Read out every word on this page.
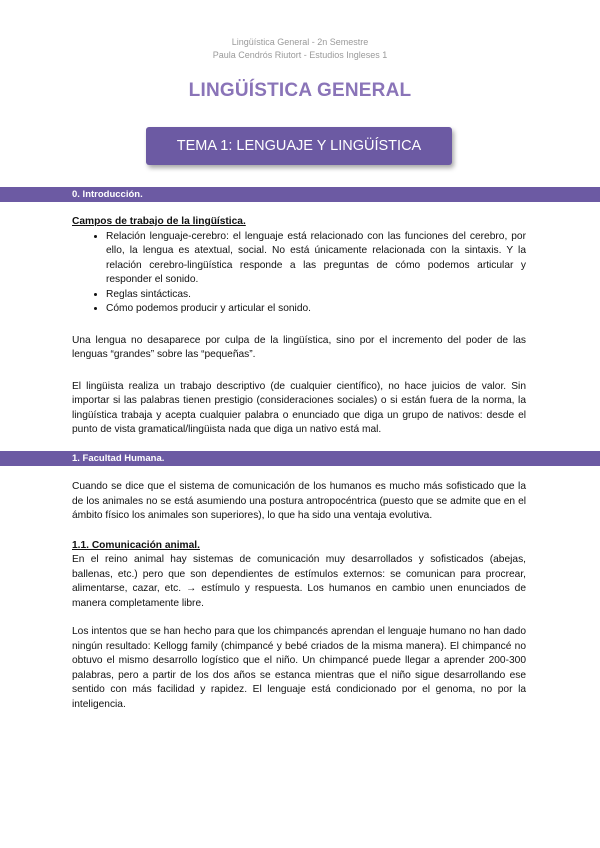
Lingüística General - 2n Semestre
Paula Cendrós Riutort - Estudios Ingleses 1
LINGÜÍSTICA GENERAL
TEMA 1: LENGUAJE Y LINGÜÍSTICA
0. Introducción.
Campos de trabajo de la lingüística.
• Relación lenguaje-cerebro: el lenguaje está relacionado con las funciones del cerebro, por ello, la lengua es atextual, social. No está únicamente relacionada con la sintaxis. Y la relación cerebro-lingüística responde a las preguntas de cómo podemos articular y responder el sonido.
• Reglas sintácticas.
• Cómo podemos producir y articular el sonido.

Una lengua no desaparece por culpa de la lingüística, sino por el incremento del poder de las lenguas “grandes” sobre las “pequeñas”.

El lingüista realiza un trabajo descriptivo (de cualquier científico), no hace juicios de valor. Sin importar si las palabras tienen prestigio (consideraciones sociales) o si están fuera de la norma, la lingüística trabaja y acepta cualquier palabra o enunciado que diga un grupo de nativos: desde el punto de vista gramatical/lingüista nada que diga un nativo está mal.

1. Facultad Humana.

Cuando se dice que el sistema de comunicación de los humanos es mucho más sofisticado que la de los animales no se está asumiendo una postura antropocéntrica (puesto que se admite que en el ámbito físico los animales son superiores), lo que ha sido una ventaja evolutiva.

1.1. Comunicación animal.

En el reino animal hay sistemas de comunicación muy desarrollados y sofisticados (abejas, ballenas, etc.) pero que son dependientes de estímulos externos: se comunican para procrear, alimentarse, cazar, etc. → estímulo y respuesta. Los humanos en cambio unen enunciados de manera completamente libre.

Los intentos que se han hecho para que los chimpancés aprendan el lenguaje humano no han dado ningún resultado: Kellogg family (chimpancé y bebé criados de la misma manera). El chimpancé no obtuvo el mismo desarrollo logístico que el niño. Un chimpancé puede llegar a aprender 200-300 palabras, pero a partir de los dos años se estanca mientras que el niño sigue desarrollando ese sentido con más facilidad y rapidez. El lenguaje está condicionado por el genoma, no por la inteligencia.
